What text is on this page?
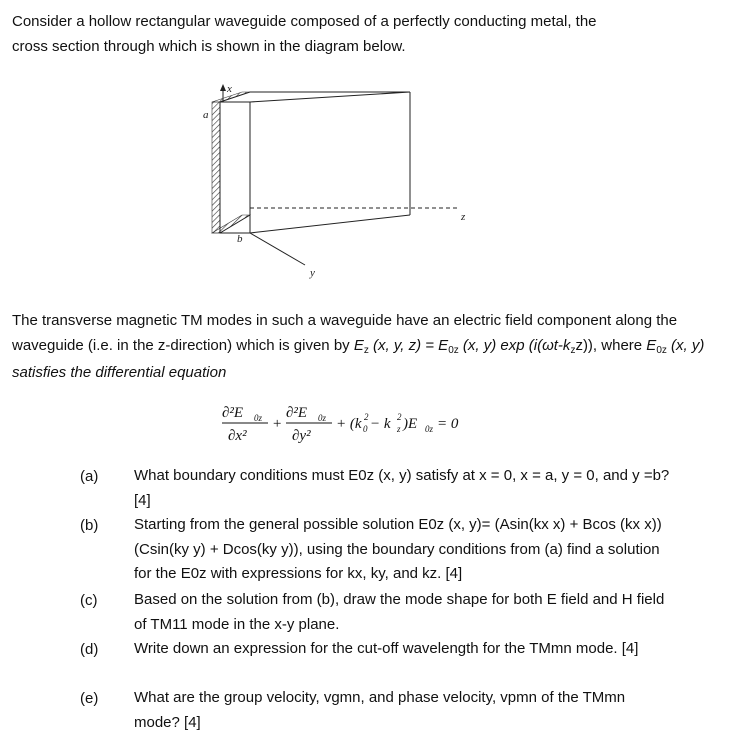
Consider a hollow rectangular waveguide composed of a perfectly conducting metal, the
cross section through which is shown in the diagram below.

x
a
z
b
y

The transverse magnetic TM modes in such a waveguide have an electric field component along the waveguide (i.e. in the z-direction) which is given by $E_z$ (x, y, $z) = E_{0z}$ (x, y) $\exp (i(\omega t-k_zz))$, where $E_{0z}$ (x, y) satisfies the differential equation

∂²E 0z
∂x²
+
∂²E 0z
∂y²
+ (k 0
2 − k z
2 )E 0z = 0
(a) What boundary conditions must E0z (x, y) satisfy at x = 0, x = a, y = 0, and y =b? [4]
(b) Starting from the general possible solution E0z (x, y)= (Asin(kx x) + Bcos (kx x)) (Csin(ky y) + Dcos(ky y)), using the boundary conditions from (a) find a solution for the E0z with expressions for kx, ky, and kz. [4]
(c) Based on the solution from (b), draw the mode shape for both E field and H field of TM11 mode in the x-y plane.
(d) Write down an expression for the cut-off wavelength for the TMmn mode. [4]
(e) What are the group velocity, vgmn, and phase velocity, vpmn of the TMmn mode? [4]
